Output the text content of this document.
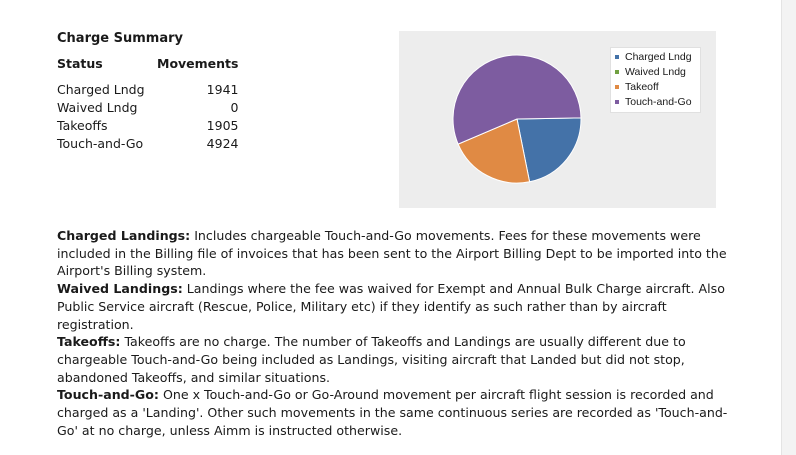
Charge Summary
Status	Movements
Charged Lndg	1941
Waived Lndg	0
Takeoffs	1905
Touch-and-Go	4924
Charged Lndg
Waived Lndg
Takeoff
Touch-and-Go

Charged Landings: Includes chargeable Touch-and-Go movements. Fees for these movements were included in the Billing file of invoices that has been sent to the Airport Billing Dept to be imported into the Airport's Billing system.

Waived Landings: Landings where the fee was waived for Exempt and Annual Bulk Charge aircraft. Also Public Service aircraft (Rescue, Police, Military etc) if they identify as such rather than by aircraft registration.

Takeoffs: Takeoffs are no charge. The number of Takeoffs and Landings are usually different due to chargeable Touch-and-Go being included as Landings, visiting aircraft that Landed but did not stop, abandoned Takeoffs, and similar situations.

Touch-and-Go: One x Touch-and-Go or Go-Around movement per aircraft flight session is recorded and charged as a 'Landing'. Other such movements in the same continuous series are recorded as 'Touch-and-Go' at no charge, unless Aimm is instructed otherwise.
